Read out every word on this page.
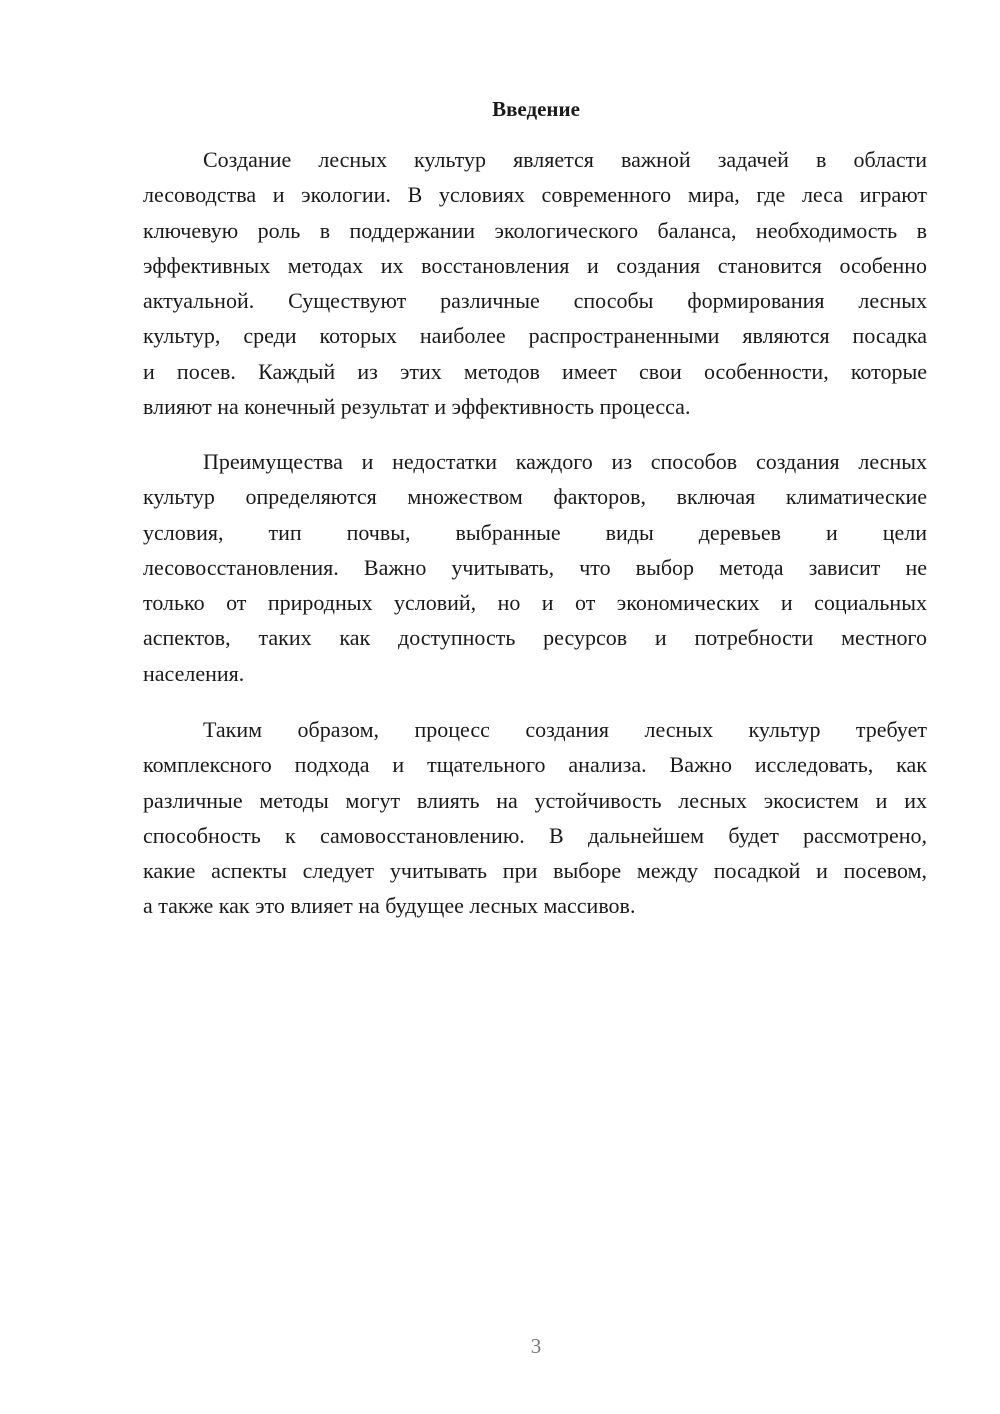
Введение
Создание лесных культур является важной задачей в области
лесоводства и экологии. В условиях современного мира, где леса играют
ключевую роль в поддержании экологического баланса, необходимость в
эффективных методах их восстановления и создания становится особенно
актуальной. Существуют различные способы формирования лесных
культур, среди которых наиболее распространенными являются посадка
и посев. Каждый из этих методов имеет свои особенности, которые
влияют на конечный результат и эффективность процесса.
Преимущества и недостатки каждого из способов создания лесных
культур определяются множеством факторов, включая климатические
условия, тип почвы, выбранные виды деревьев и цели
лесовосстановления. Важно учитывать, что выбор метода зависит не
только от природных условий, но и от экономических и социальных
аспектов, таких как доступность ресурсов и потребности местного
населения.
Таким образом, процесс создания лесных культур требует
комплексного подхода и тщательного анализа. Важно исследовать, как
различные методы могут влиять на устойчивость лесных экосистем и их
способность к самовосстановлению. В дальнейшем будет рассмотрено,
какие аспекты следует учитывать при выборе между посадкой и посевом,
а также как это влияет на будущее лесных массивов.
3
